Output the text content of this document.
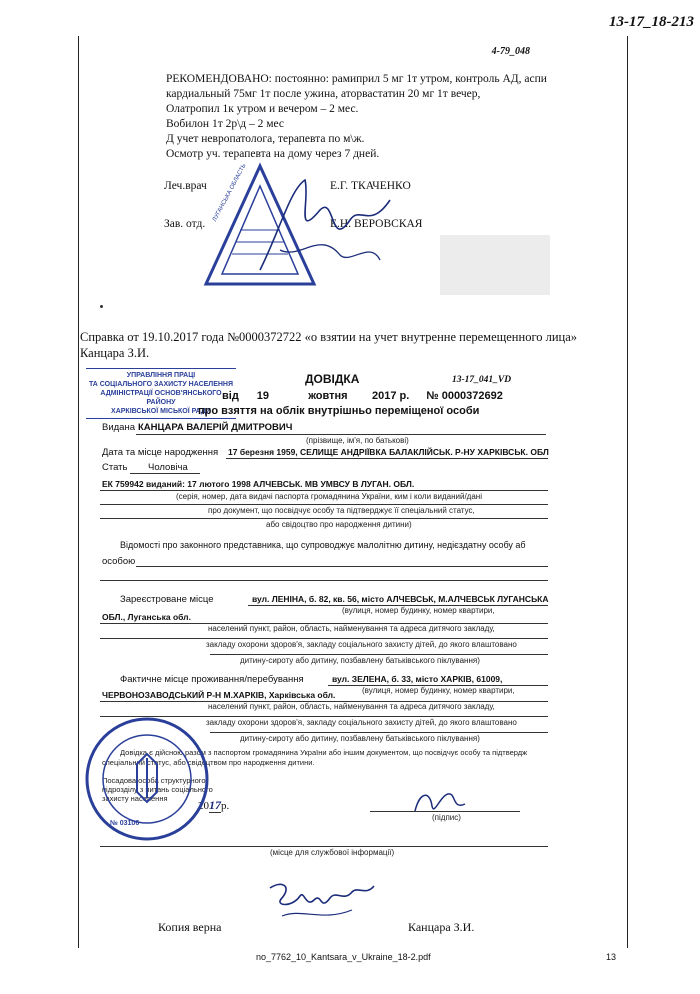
13-17_18-213
4-79_048
РЕКОМЕНДОВАНО: постоянно: рамиприл 5 мг 1т утром, контроль АД, аспи
кардиальный 75мг 1т после ужина, аторвастатин 20 мг 1т вечер,
Олатропил 1к утром и вечером – 2 мес.
Вобилон 1т 2р\д – 2 мес
Д учет невропатолога, терапевта по м\ж.
Осмотр уч. терапевта на дому через 7 дней.
Леч.врач	Е.Г. ТКАЧЕНКО
Зав. отд.	Е.Н. ВЕРОВСКАЯ
ЛУГАНСЬКА ОБЛАСТЬ
Справка от 19.10.2017 года №0000372722 «о взятии на учет внутренне перемещенного лица»
Канцара З.И.
УПРАВЛІННЯ ПРАЦІ
ТА СОЦІАЛЬНОГО ЗАХИСТУ НАСЕЛЕННЯ
АДМІНІСТРАЦІЇ ОСНОВ'ЯНСЬКОГО РАЙОНУ
ХАРКІВСЬКОЇ МІСЬКОЇ РАДИ
ДОВІДКА	13-17_041_VD
від 19	жовтня 2017 р. № 0000372692
про взяття на облік внутрішньо переміщеної особи
Видана КАНЦАРА ВАЛЕРІЙ ДМИТРОВИЧ
(прізвище, ім'я, по батькові)
Дата та місце народження 17 березня 1959, СЕЛИЩЕ АНДРІЇВКА БАЛАКЛІЙСЬК. Р-НУ ХАРКІВСЬК. ОБЛ
Стать Чоловіча
ЕК 759942 виданий: 17 лютого 1998 АЛЧЕВСЬК. МВ УМВСУ В ЛУГАН. ОБЛ.
(серія, номер, дата видачі паспорта громадянина України, ким і коли виданий/дані
про документ, що посвідчує особу та підтверджує її спеціальний статус,
або свідоцтво про народження дитини)
Відомості про законного представника, що супроводжує малолітню дитину, недієздатну особу аб
особою
Зареєстроване місце	вул. ЛЕНІНА, б. 82, кв. 56, місто АЛЧЕВСЬК, М.АЛЧЕВСЬК ЛУГАНСЬКА
(вулиця, номер будинку, номер квартири,
ОБЛ., Луганська обл.
населений пункт, район, область, найменування та адреса дитячого закладу,
закладу охорони здоров'я, закладу соціального захисту дітей, до якого влаштовано
дитину-сироту або дитину, позбавлену батьківського піклування)
Фактичне місце проживання/перебування	вул. ЗЕЛЕНА, б. 33, місто ХАРКІВ, 61009,
(вулиця, номер будинку, номер квартири,
ЧЕРВОНОЗАВОДСЬКИЙ Р-Н М.ХАРКІВ, Харківська обл.
населений пункт, район, область, найменування та адреса дитячого закладу,
закладу охорони здоров'я, закладу соціального захисту дітей, до якого влаштовано
дитину-сироту або дитину, позбавлену батьківського піклування)
Довідка є дійсною разом з паспортом громадянина України або іншим документом, що посвідчує особу та підтвердж
спеціальний статус, або свідоцтвом про народження дитини.
Посадова особа структурного
підрозділу з питань соціального
захисту населення
2017р.
(підпис)
(місце для службової інформації)
№ 03106
Копия верна	Канцара З.И.
no_7762_10_Kantsara_v_Ukraine_18-2.pdf	13
